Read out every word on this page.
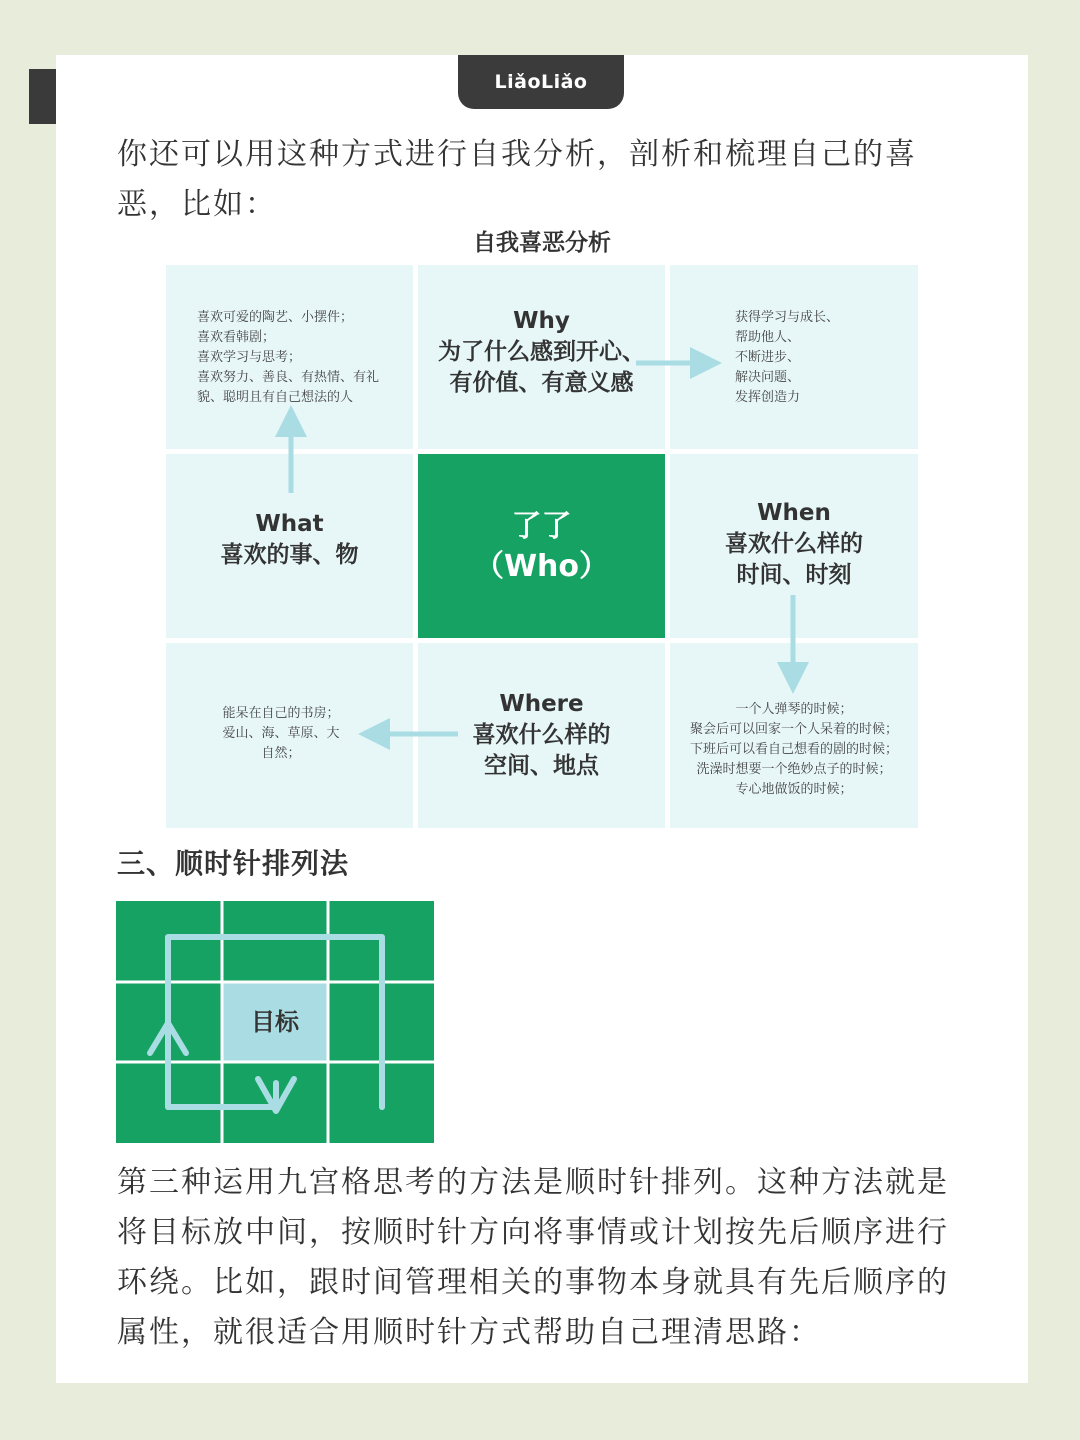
LiǎoLiǎo

你还可以用这种方式进行自我分析，剖析和梳理自己的喜恶，比如：

自我喜恶分析
喜欢可爱的陶艺、小摆件；
喜欢看韩剧；
喜欢学习与思考；
喜欢努力、善良、有热情、有礼
貌、聪明且有自己想法的人
Why
为了什么感到开心、
有价值、有意义感
获得学习与成长、
帮助他人、
不断进步、
解决问题、
发挥创造力
What
喜欢的事、物
了了
（Who）
When
喜欢什么样的
时间、时刻
能呆在自己的书房；
爱山、海、草原、大
自然；
Where
喜欢什么样的
空间、地点
一个人弹琴的时候；
聚会后可以回家一个人呆着的时候；
下班后可以看自己想看的剧的时候；
洗澡时想要一个绝妙点子的时候；
专心地做饭的时候；
三、顺时针排列法
目标

第三种运用九宫格思考的方法是顺时针排列。这种方法就是将目标放中间，按顺时针方向将事情或计划按先后顺序进行环绕。比如，跟时间管理相关的事物本身就具有先后顺序的属性，就很适合用顺时针方式帮助自己理清思路：
